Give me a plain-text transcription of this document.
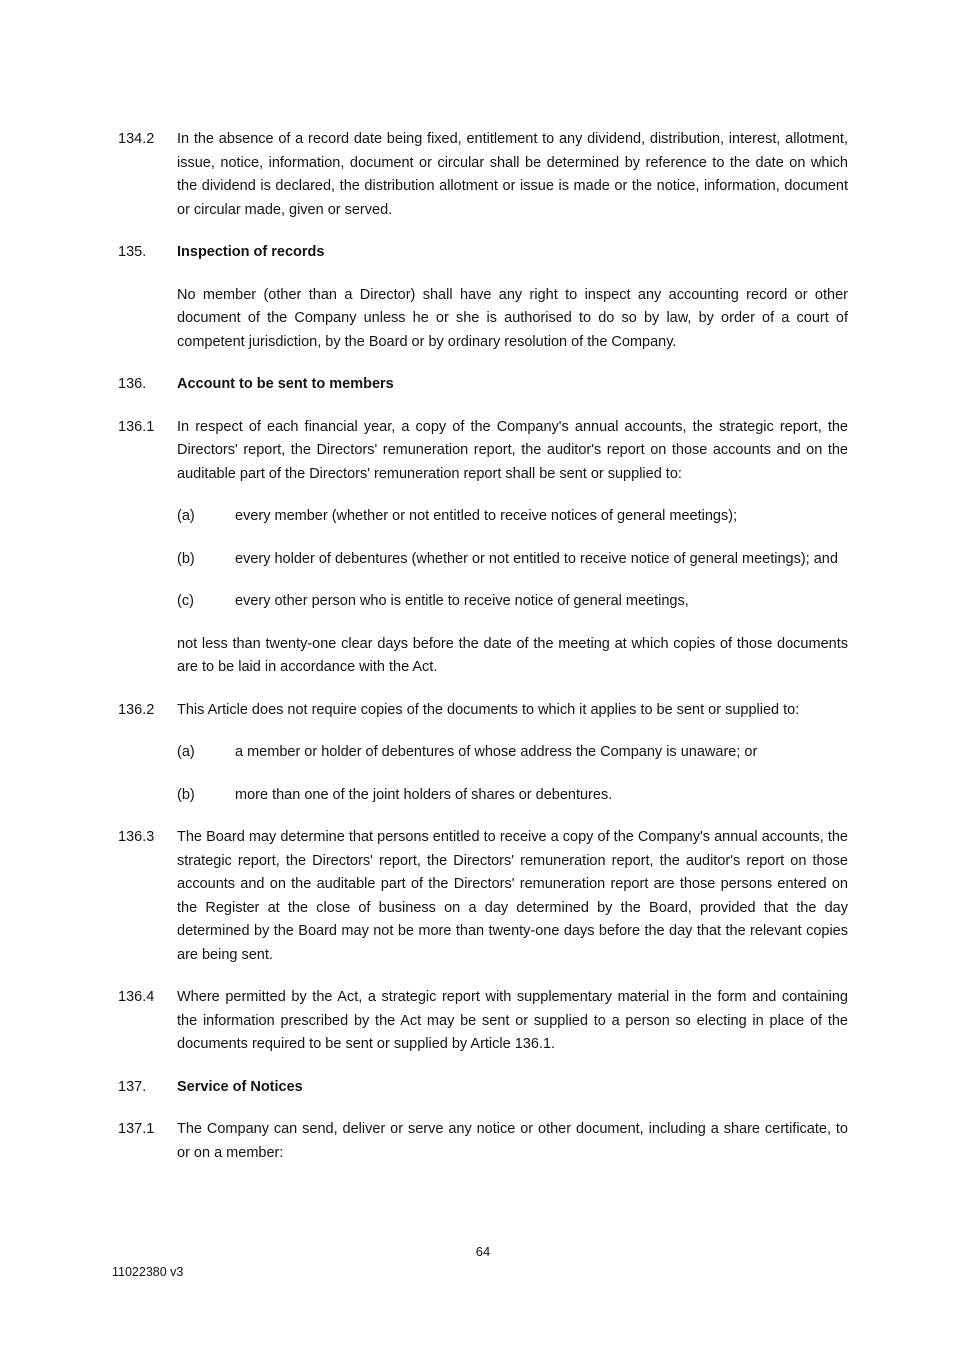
134.2	In the absence of a record date being fixed, entitlement to any dividend, distribution, interest, allotment, issue, notice, information, document or circular shall be determined by reference to the date on which the dividend is declared, the distribution allotment or issue is made or the notice, information, document or circular made, given or served.
135.	Inspection of records
No member (other than a Director) shall have any right to inspect any accounting record or other document of the Company unless he or she is authorised to do so by law, by order of a court of competent jurisdiction, by the Board or by ordinary resolution of the Company.
136.	Account to be sent to members
136.1	In respect of each financial year, a copy of the Company's annual accounts, the strategic report, the Directors' report, the Directors' remuneration report, the auditor's report on those accounts and on the auditable part of the Directors' remuneration report shall be sent or supplied to:
(a)	every member (whether or not entitled to receive notices of general meetings);
(b)	every holder of debentures (whether or not entitled to receive notice of general meetings); and
(c)	every other person who is entitle to receive notice of general meetings,
not less than twenty-one clear days before the date of the meeting at which copies of those documents are to be laid in accordance with the Act.
136.2	This Article does not require copies of the documents to which it applies to be sent or supplied to:
(a)	a member or holder of debentures of whose address the Company is unaware; or
(b)	more than one of the joint holders of shares or debentures.
136.3	The Board may determine that persons entitled to receive a copy of the Company's annual accounts, the strategic report, the Directors' report, the Directors' remuneration report, the auditor's report on those accounts and on the auditable part of the Directors' remuneration report are those persons entered on the Register at the close of business on a day determined by the Board, provided that the day determined by the Board may not be more than twenty-one days before the day that the relevant copies are being sent.
136.4	Where permitted by the Act, a strategic report with supplementary material in the form and containing the information prescribed by the Act may be sent or supplied to a person so electing in place of the documents required to be sent or supplied by Article 136.1.
137.	Service of Notices
137.1	The Company can send, deliver or serve any notice or other document, including a share certificate, to or on a member:
64
11022380 v3
